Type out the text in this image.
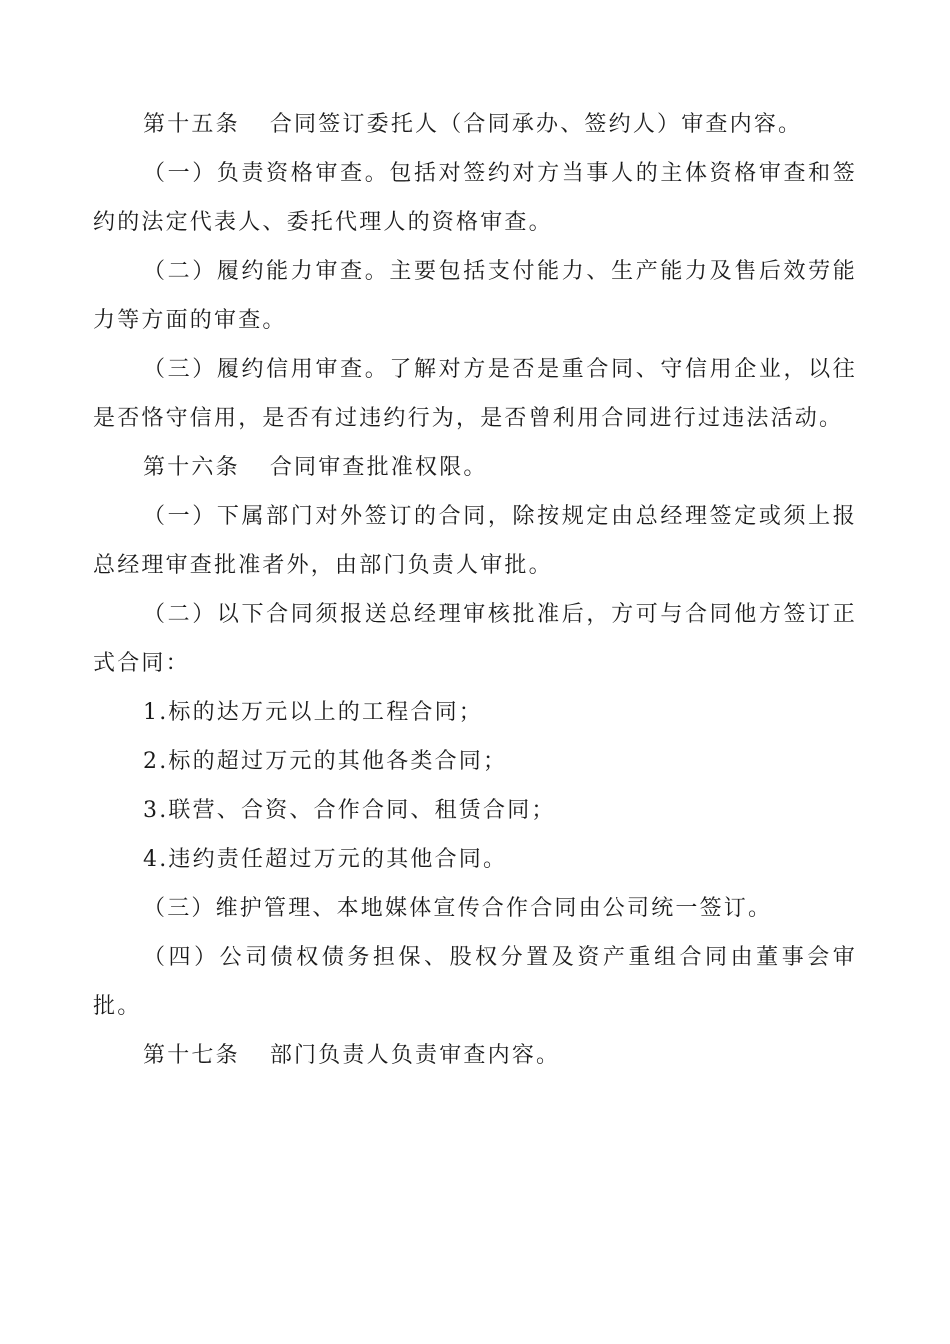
第十五条 合同签订委托人（合同承办、签约人）审查内容。

（一）负责资格审查。包括对签约对方当事人的主体资格审查和签约的法定代表人、委托代理人的资格审查。

（二）履约能力审查。主要包括支付能力、生产能力及售后效劳能力等方面的审查。

（三）履约信用审查。了解对方是否是重合同、守信用企业，以往是否恪守信用，是否有过违约行为，是否曾利用合同进行过违法活动。

第十六条 合同审查批准权限。

（一）下属部门对外签订的合同，除按规定由总经理签定或须上报总经理审查批准者外，由部门负责人审批。

（二）以下合同须报送总经理审核批准后，方可与合同他方签订正式合同：

1.标的达万元以上的工程合同；

2.标的超过万元的其他各类合同；

3.联营、合资、合作合同、租赁合同；

4.违约责任超过万元的其他合同。

（三）维护管理、本地媒体宣传合作合同由公司统一签订。

（四）公司债权债务担保、股权分置及资产重组合同由董事会审批。

第十七条 部门负责人负责审查内容。
